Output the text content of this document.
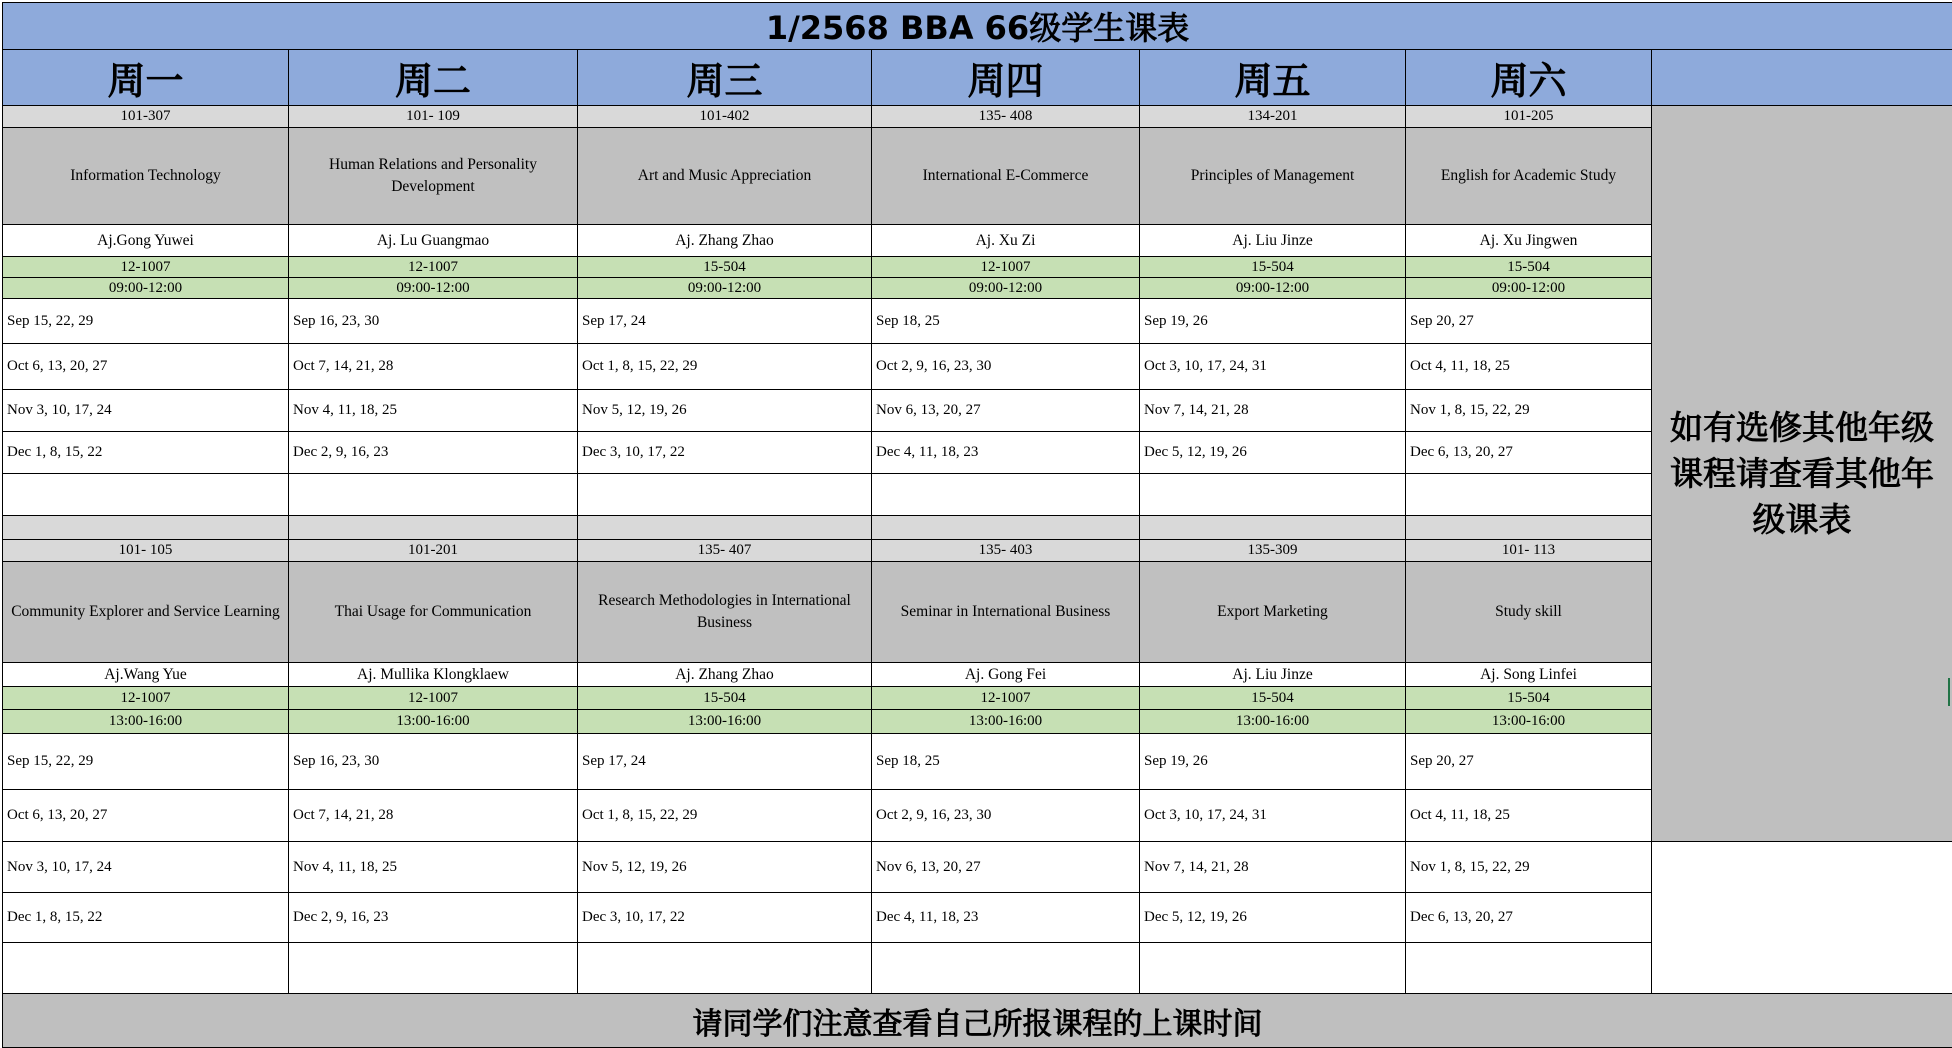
1/2568 BBA 66级学生课表						
周一	周二	周三	周四	周五	周六	
101-307	101- 109	101-402	135- 408	134-201	101-205	如有选修其他年级课程请查看其他年级课表
Information Technology	Human Relations and Personality Development	Art and Music Appreciation	International E-Commerce	Principles of Management	English for Academic Study	
Aj.Gong Yuwei	Aj. Lu Guangmao	Aj. Zhang Zhao	Aj. Xu Zi	Aj. Liu Jinze	Aj. Xu Jingwen	
12-1007	12-1007	15-504	12-1007	15-504	15-504	
09:00-12:00	09:00-12:00	09:00-12:00	09:00-12:00	09:00-12:00	09:00-12:00	
Sep 15, 22, 29	Sep 16, 23, 30	Sep 17, 24	Sep 18, 25	Sep 19, 26	Sep 20, 27	
Oct 6, 13, 20, 27	Oct 7, 14, 21, 28	Oct 1, 8, 15, 22, 29	Oct 2, 9, 16, 23, 30	Oct 3, 10, 17, 24, 31	Oct 4, 11, 18, 25	
Nov 3, 10, 17, 24	Nov 4, 11, 18, 25	Nov 5, 12, 19, 26	Nov 6, 13, 20, 27	Nov 7, 14, 21, 28	Nov 1, 8, 15, 22, 29	
Dec 1, 8, 15, 22	Dec 2, 9, 16, 23	Dec 3, 10, 17, 22	Dec 4, 11, 18, 23	Dec 5, 12, 19, 26	Dec 6, 13, 20, 27	

101- 105	101-201	135- 407	135- 403	135-309	101- 113	
Community Explorer and Service Learning	Thai Usage for Communication	Research Methodologies in International Business	Seminar in International Business	Export Marketing	Study skill	
Aj.Wang Yue	Aj. Mullika Klongklaew	Aj. Zhang Zhao	Aj. Gong Fei	Aj. Liu Jinze	Aj. Song Linfei	
12-1007	12-1007	15-504	12-1007	15-504	15-504	
13:00-16:00	13:00-16:00	13:00-16:00	13:00-16:00	13:00-16:00	13:00-16:00	
Sep 15, 22, 29	Sep 16, 23, 30	Sep 17, 24	Sep 18, 25	Sep 19, 26	Sep 20, 27	
Oct 6, 13, 20, 27	Oct 7, 14, 21, 28	Oct 1, 8, 15, 22, 29	Oct 2, 9, 16, 23, 30	Oct 3, 10, 17, 24, 31	Oct 4, 11, 18, 25	
Nov 3, 10, 17, 24	Nov 4, 11, 18, 25	Nov 5, 12, 19, 26	Nov 6, 13, 20, 27	Nov 7, 14, 21, 28	Nov 1, 8, 15, 22, 29	
Dec 1, 8, 15, 22	Dec 2, 9, 16, 23	Dec 3, 10, 17, 22	Dec 4, 11, 18, 23	Dec 5, 12, 19, 26	Dec 6, 13, 20, 27	

请同学们注意查看自己所报课程的上课时间						
